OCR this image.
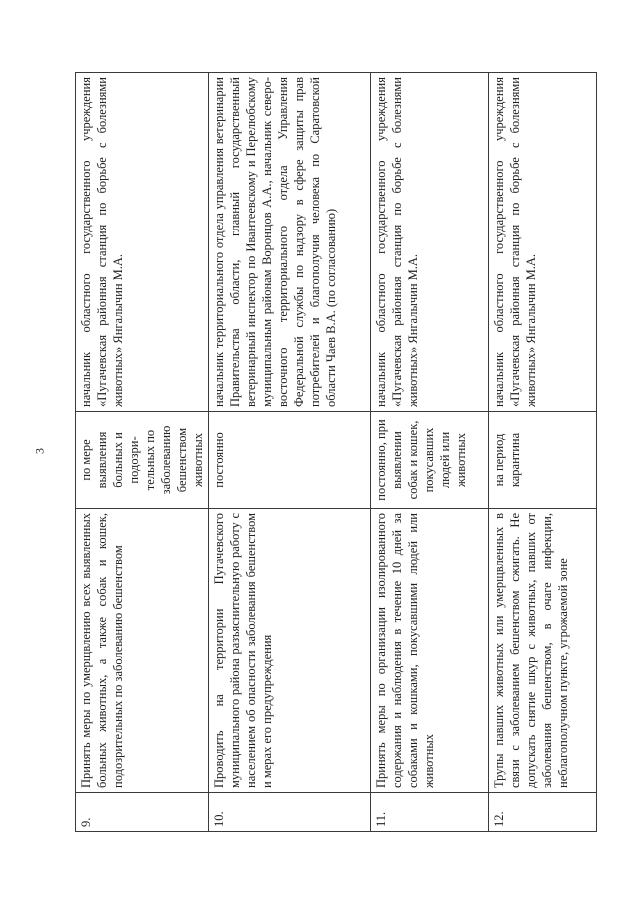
3
9.	Принять меры по умерщвлению всех выявленных больных животных, а также собак и кошек, подозрительных по заболеванию бешенством	по мере выявления больных и подозри-тельных по заболеванию бешенством животных	начальник областного государственного учреждения «Пугачевская районная станция по борьбе с болезнями животных» Янгалычин М.А.
10.	Проводить на территории Пугачевского муниципального района разъяснительную работу с населением об опасности заболевания бешенством и мерах его предупреждения	постоянно	начальник территориального отдела управления ветеринарии Правительства области, главный государственный ветеринарный инспектор по Ивантеевскому и Перелюбскому муниципальным районам Воронцов А.А., начальник северо-восточного территориального отдела Управления Федеральной службы по надзору в сфере защиты прав потребителей и благополучия человека по Саратовской области Чаев В.А. (по согласованию)
11.	Принять меры по организации изолированного содержания и наблюдения в течение 10 дней за собаками и кошками, покусавшими людей или животных	постоянно, при выявлении собак и кошек, покусавших людей или животных	начальник областного государственного учреждения «Пугачевская районная станция по борьбе с болезнями животных» Янгалычин М.А.
12.	Трупы павших животных или умерщвленных в связи с заболеванием бешенством сжигать. Не допускать снятие шкур с животных, павших от заболевания бешенством, в очаге инфекции, неблагополучном пункте, угрожаемой зоне	на период карантина	начальник областного государственного учреждения «Пугачевская районная станция по борьбе с болезнями животных» Янгалычин М.А.
